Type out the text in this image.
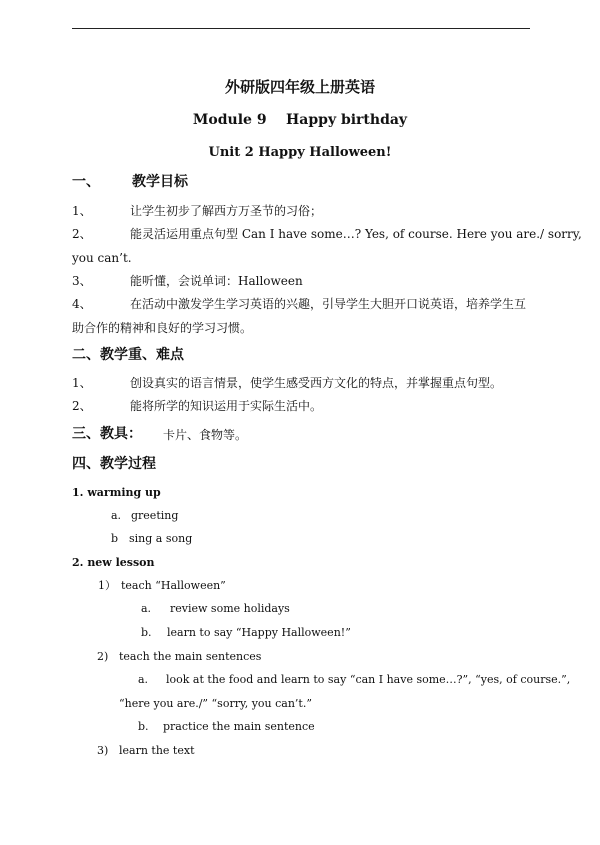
外研版四年级上册英语
Module 9    Happy birthday
Unit 2 Happy Halloween!
一、 教学目标
1、	让学生初步了解西方万圣节的习俗；
2、	能灵活运用重点句型 Can I have some…? Yes, of course. Here you are./ sorry,
you can’t.
3、	能听懂，会说单词：Halloween
4、	在活动中激发学生学习英语的兴趣，引导学生大胆开口说英语，培养学生互
助合作的精神和良好的学习习惯。
二、教学重、难点
1、	创设真实的语言情景，使学生感受西方文化的特点，并掌握重点句型。
2、	能将所学的知识运用于实际生活中。
三、教具： 卡片、食物等。
四、教学过程
1. warming up
a. greeting
b sing a song
2. new lesson
1） teach “Halloween”
a. review some holidays
b. learn to say “Happy Halloween!”
2) teach the main sentences
a. look at the food and learn to say “can I have some…?”, “yes, of course.”,
“here you are./” “sorry, you can’t.”
b. practice the main sentence
3) learn the text
